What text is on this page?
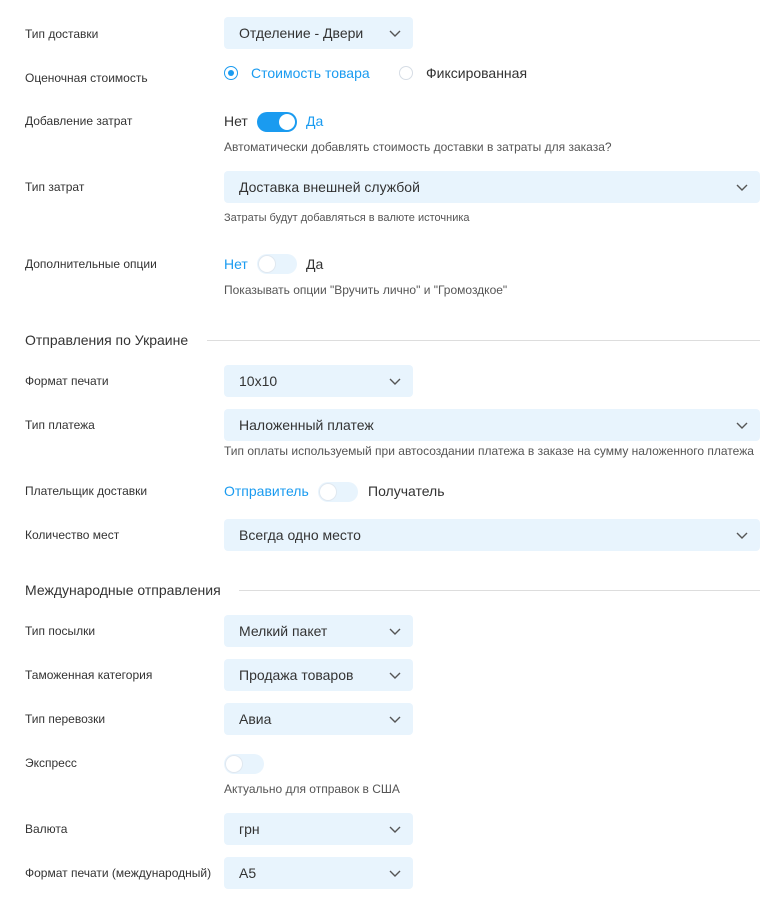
Тип доставки	Отделение - Двери
Оценочная стоимость	Стоимость товара	Фиксированная
Добавление затрат	Нет	Да
Автоматически добавлять стоимость доставки в затраты для заказа?
Тип затрат	Доставка внешней службой
Затраты будут добавляться в валюте источника
Дополнительные опции	Нет	Да
Показывать опции "Вручить лично" и "Громоздкое"
Отправления по Украине
Формат печати	10x10
Тип платежа	Наложенный платеж
Тип оплаты используемый при автосоздании платежа в заказе на сумму наложенного платежа
Плательщик доставки	Отправитель	Получатель
Количество мест	Всегда одно место
Международные отправления
Тип посылки	Мелкий пакет
Таможенная категория	Продажа товаров
Тип перевозки	Авиа
Экспресс
Актуально для отправок в США
Валюта	грн
Формат печати (международный) A5
